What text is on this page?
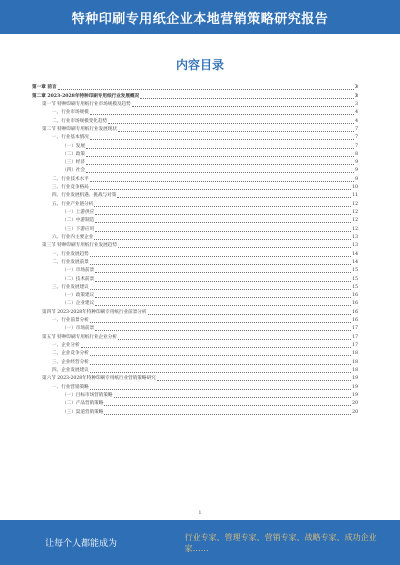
特种印刷专用纸企业本地营销策略研究报告
内容目录
第一章 前言	3
第二章 2023-2028年特种印刷专用纸行业发展概况	3
第一节 特种印刷专用纸行业市场规模及趋势	3
一、行业市场规模	4
二、行业市场规模变化趋势	4
第二节 特种印刷专用纸行业发展现状	7
一、行业基本情况	7
（一）发展	7
（二）政策	8
（三）经济	9
（四）社会	9
二、行业技术水平	9
三、行业竞争格局	10
四、行业发展机遇、挑战与对策	11
五、行业产业链分析	12
（一）上游供应	12
（二）中游制造	12
（三）下游应用	12
六、行业内主要企业	13
第三节 特种印刷专用纸行业发展趋势	13
一、行业发展趋势	14
二、行业发展前景	14
（一）市场前景	15
（二）技术前景	15
三、行业发展建议	15
（一）政策建议	16
（二）企业建议	16
第四节 2023-2028年特种印刷专用纸行业前景分析	16
一、行业前景分析	16
（一）市场前景	17
第五节 特种印刷专用纸行业企业分析	17
一、企业分析	17
二、企业竞争分析	18
三、企业经营分析	18
四、企业发展建议	18
第六节 2023-2028年特种印刷专用纸行业营销策略研究	19
一、行业营销策略	19
（一）目标市场营销策略	19
（二）产品营销策略	20
（三）渠道营销策略	20
1
让每个人都能成为
行业专家、管理专家、营销专家、战略专家、成功企业家……
